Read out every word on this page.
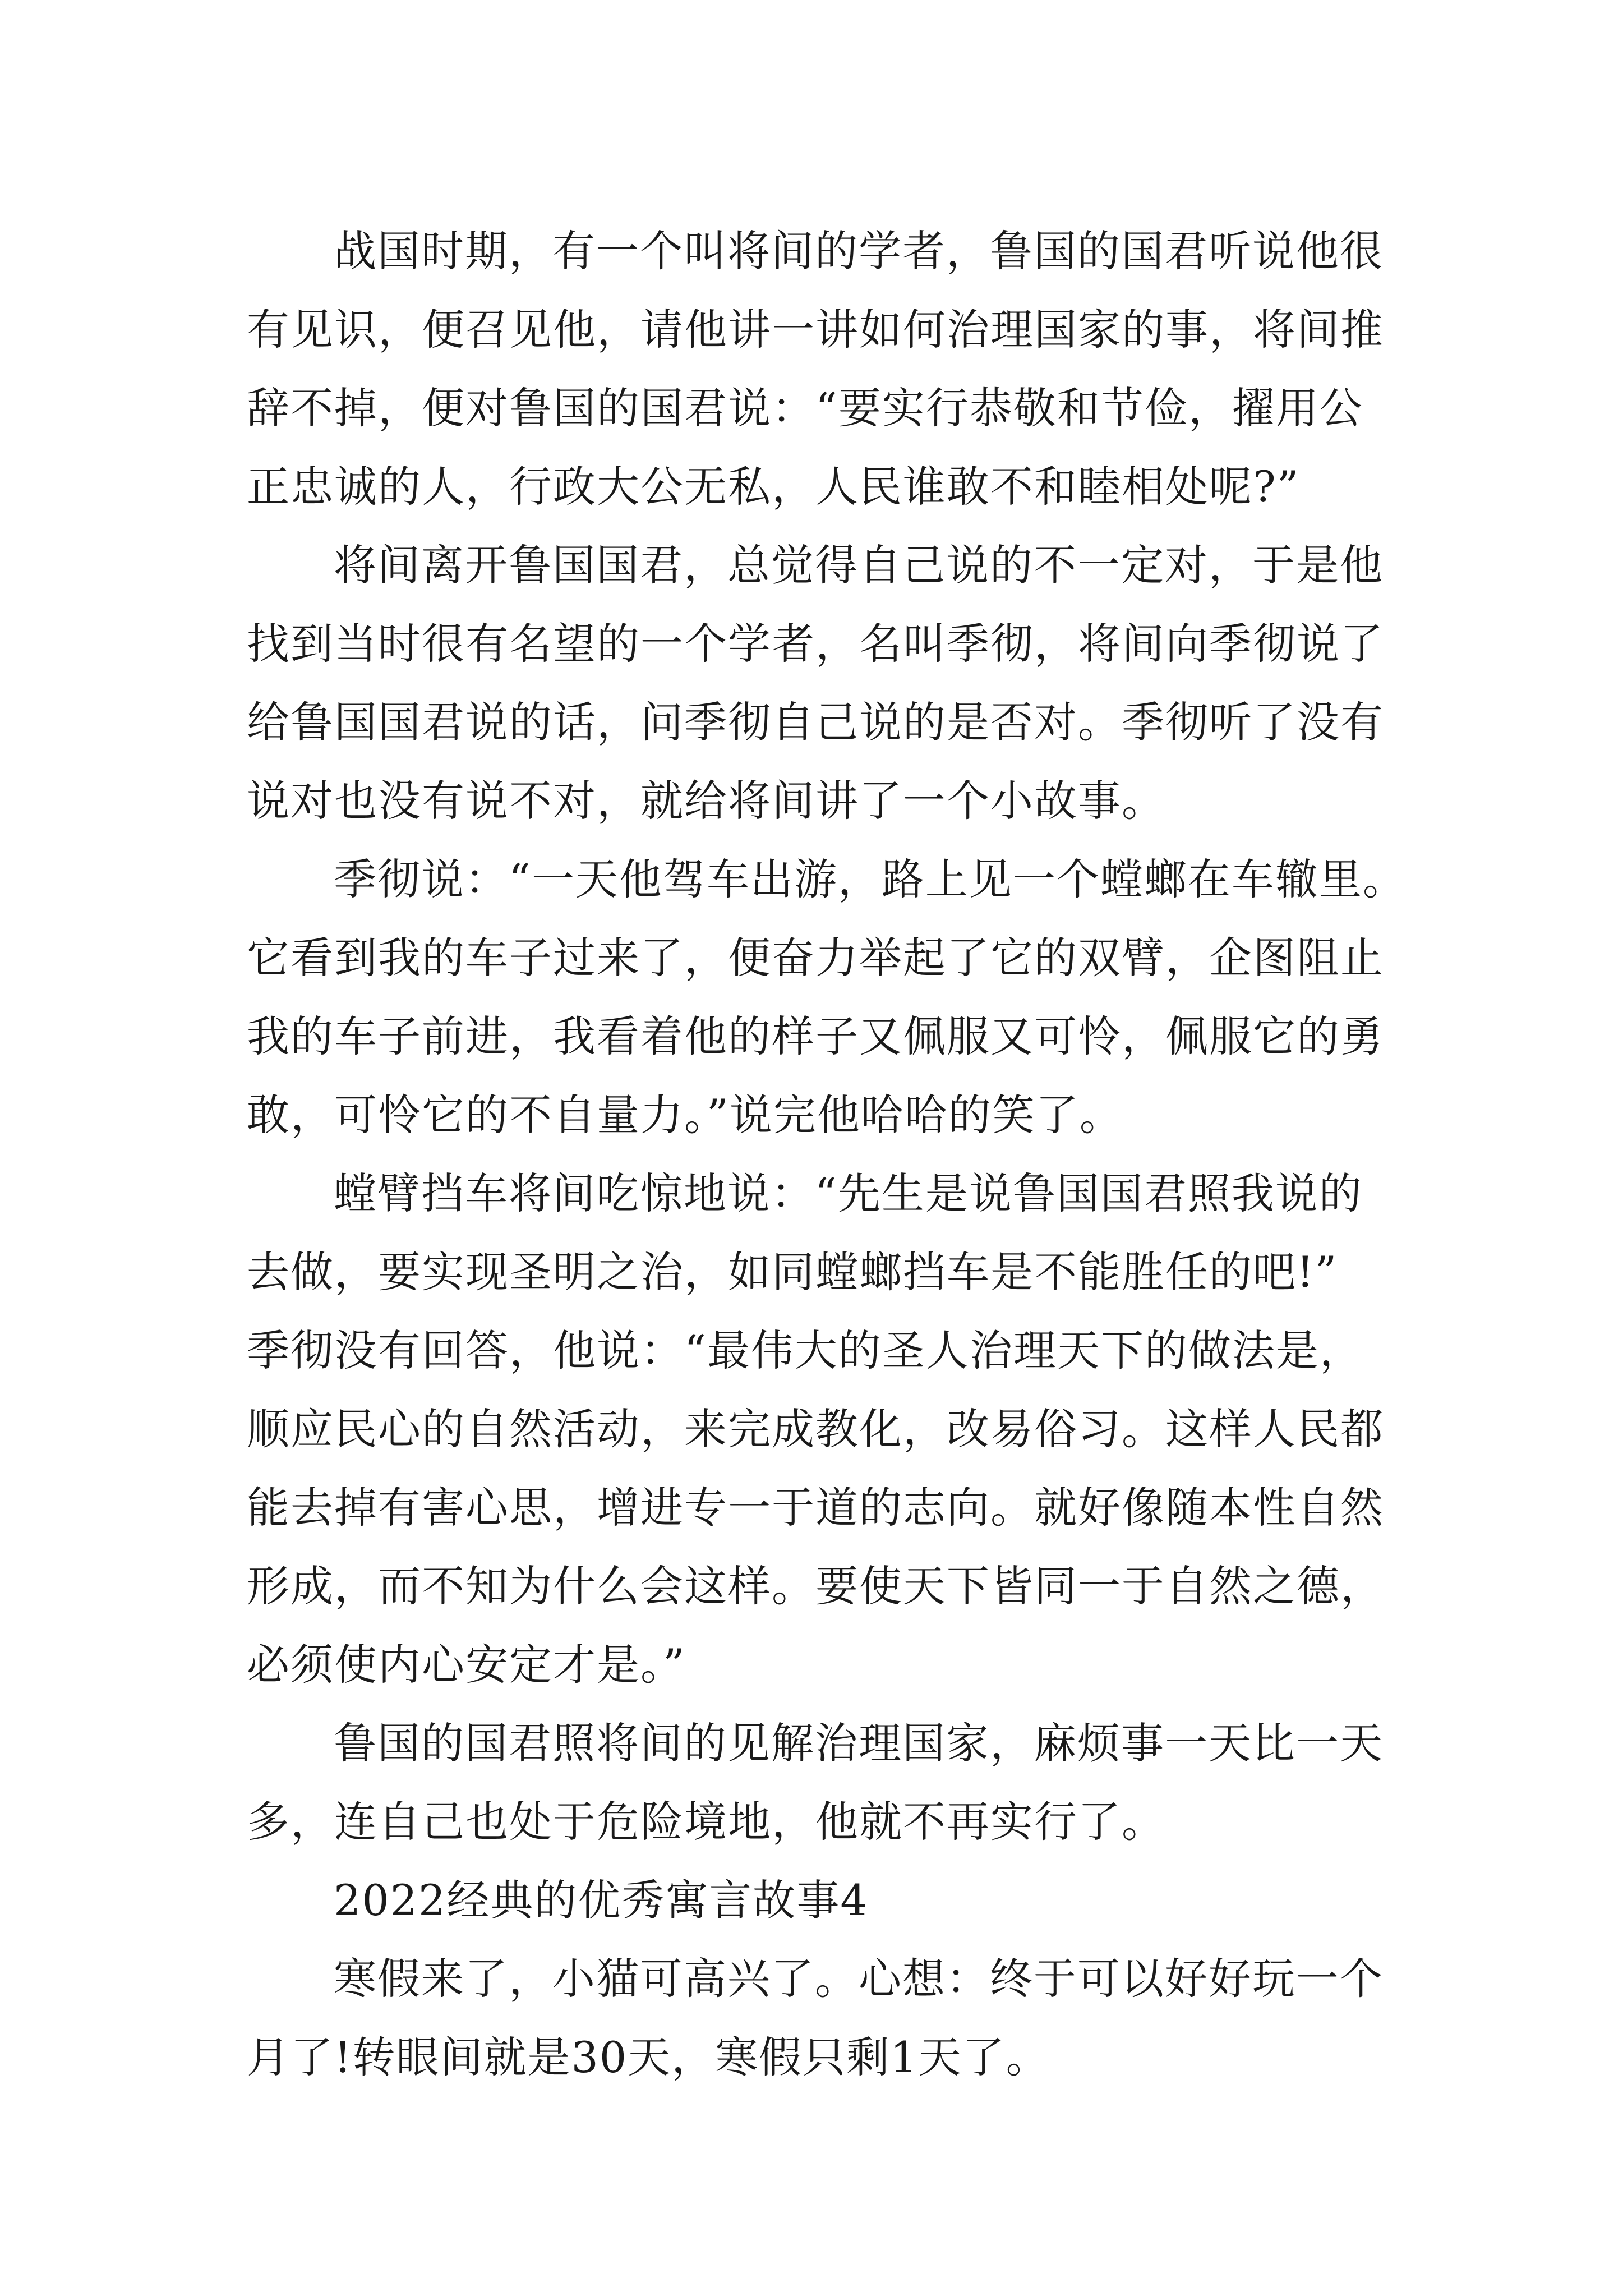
战国时期，有一个叫将间的学者，鲁国的国君听说他很
有见识，便召见他，请他讲一讲如何治理国家的事，将间推
辞不掉，便对鲁国的国君说：“要实行恭敬和节俭，擢用公
正忠诚的人，行政大公无私，人民谁敢不和睦相处呢?”
将间离开鲁国国君，总觉得自己说的不一定对，于是他
找到当时很有名望的一个学者，名叫季彻，将间向季彻说了
给鲁国国君说的话，问季彻自己说的是否对。季彻听了没有
说对也没有说不对，就给将间讲了一个小故事。
季彻说：“一天他驾车出游，路上见一个螳螂在车辙里。
它看到我的车子过来了，便奋力举起了它的双臂，企图阻止
我的车子前进，我看着他的样子又佩服又可怜，佩服它的勇
敢，可怜它的不自量力。”说完他哈哈的笑了。
螳臂挡车将间吃惊地说：“先生是说鲁国国君照我说的
去做，要实现圣明之治，如同螳螂挡车是不能胜任的吧!”
季彻没有回答，他说：“最伟大的圣人治理天下的做法是，
顺应民心的自然活动，来完成教化，改易俗习。这样人民都
能去掉有害心思，增进专一于道的志向。就好像随本性自然
形成，而不知为什么会这样。要使天下皆同一于自然之德，
必须使内心安定才是。”
鲁国的国君照将间的见解治理国家，麻烦事一天比一天
多，连自己也处于危险境地，他就不再实行了。
2022经典的优秀寓言故事4
寒假来了，小猫可高兴了。心想：终于可以好好玩一个
月了!转眼间就是30天，寒假只剩1天了。
